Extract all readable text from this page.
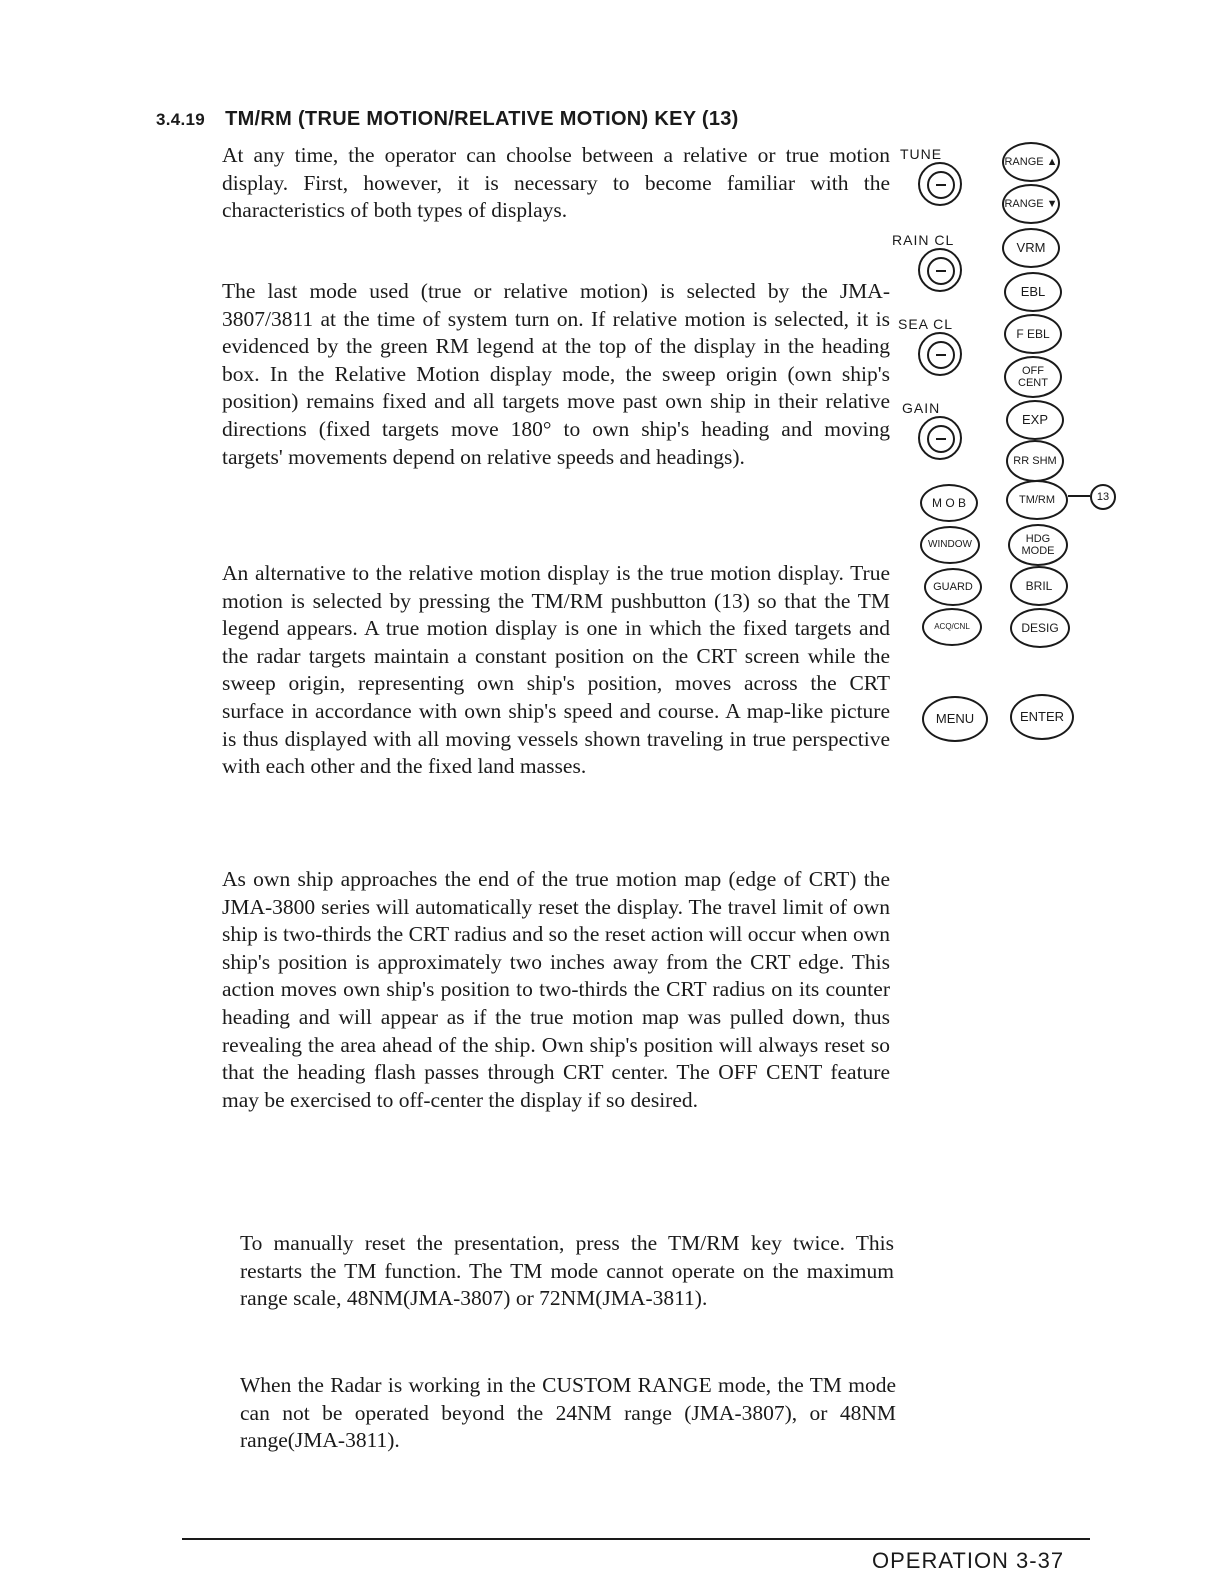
3.4.19 TM/RM (TRUE MOTION/RELATIVE MOTION) KEY (13)

At any time, the operator can choolse between a relative or true motion display. First, however, it is necessary to become familiar with the characteristics of both types of displays.

The last mode used (true or relative motion) is selected by the JMA-3807/3811 at the time of system turn on. If relative motion is selected, it is evidenced by the green RM legend at the top of the display in the heading box. In the Relative Motion display mode, the sweep origin (own ship's position) remains fixed and all targets move past own ship in their relative directions (fixed targets move 180° to own ship's heading and moving targets' movements depend on relative speeds and headings).

An alternative to the relative motion display is the true motion display. True motion is selected by pressing the TM/RM pushbutton (13) so that the TM legend appears. A true motion display is one in which the fixed targets and the radar targets maintain a constant position on the CRT screen while the sweep origin, representing own ship's position, moves across the CRT surface in accordance with own ship's speed and course. A map-like picture is thus displayed with all moving vessels shown traveling in true perspective with each other and the fixed land masses.

As own ship approaches the end of the true motion map (edge of CRT) the JMA-3800 series will automatically reset the display. The travel limit of own ship is two-thirds the CRT radius and so the reset action will occur when own ship's position is approximately two inches away from the CRT edge. This action moves own ship's position to two-thirds the CRT radius on its counter heading and will appear as if the true motion map was pulled down, thus revealing the area ahead of the ship. Own ship's position will always reset so that the heading flash passes through CRT center. The OFF CENT feature may be exercised to off-center the display if so desired.

To manually reset the presentation, press the TM/RM key twice. This restarts the TM function. The TM mode cannot operate on the maximum range scale, 48NM(JMA-3807) or 72NM(JMA-3811).

When the Radar is working in the CUSTOM RANGE mode, the TM mode can not be operated beyond the 24NM range (JMA-3807), or 48NM range(JMA-3811).

TUNE
RAIN CL
SEA CL
GAIN
M O B
WINDOW
GUARD
ACQ/CNL
MENU
RANGE ▲
RANGE ▼
VRM
EBL
F EBL
OFF CENT
EXP
RR SHM
TM/RM
HDG MODE
BRIL
DESIG
ENTER
13
OPERATION 3-37
